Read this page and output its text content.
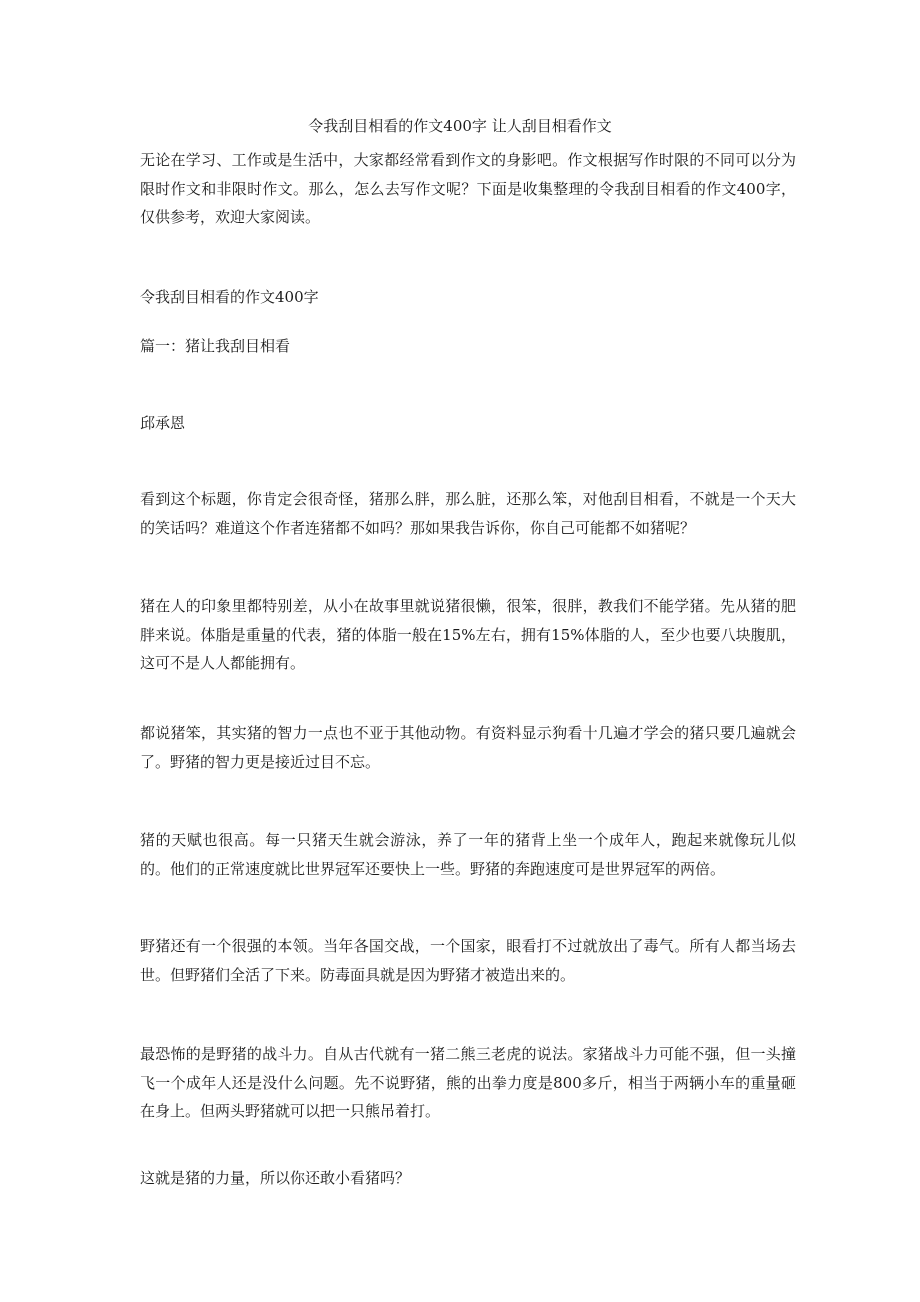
令我刮目相看的作文400字 让人刮目相看作文

无论在学习、工作或是生活中，大家都经常看到作文的身影吧。作文根据写作时限的不同可以分为限时作文和非限时作文。那么，怎么去写作文呢？下面是收集整理的令我刮目相看的作文400字，仅供参考，欢迎大家阅读。

令我刮目相看的作文400字

篇一：猪让我刮目相看

邱承恩

看到这个标题，你肯定会很奇怪，猪那么胖，那么脏，还那么笨，对他刮目相看，不就是一个天大的笑话吗？难道这个作者连猪都不如吗？那如果我告诉你，你自己可能都不如猪呢？

猪在人的印象里都特别差，从小在故事里就说猪很懒，很笨，很胖，教我们不能学猪。先从猪的肥胖来说。体脂是重量的代表，猪的体脂一般在15%左右，拥有15%体脂的人，至少也要八块腹肌，这可不是人人都能拥有。

都说猪笨，其实猪的智力一点也不亚于其他动物。有资料显示狗看十几遍才学会的猪只要几遍就会了。野猪的智力更是接近过目不忘。

猪的天赋也很高。每一只猪天生就会游泳，养了一年的猪背上坐一个成年人，跑起来就像玩儿似的。他们的正常速度就比世界冠军还要快上一些。野猪的奔跑速度可是世界冠军的两倍。

野猪还有一个很强的本领。当年各国交战，一个国家，眼看打不过就放出了毒气。所有人都当场去世。但野猪们全活了下来。防毒面具就是因为野猪才被造出来的。

最恐怖的是野猪的战斗力。自从古代就有一猪二熊三老虎的说法。家猪战斗力可能不强，但一头撞飞一个成年人还是没什么问题。先不说野猪，熊的出拳力度是800多斤，相当于两辆小车的重量砸在身上。但两头野猪就可以把一只熊吊着打。

这就是猪的力量，所以你还敢小看猪吗？
